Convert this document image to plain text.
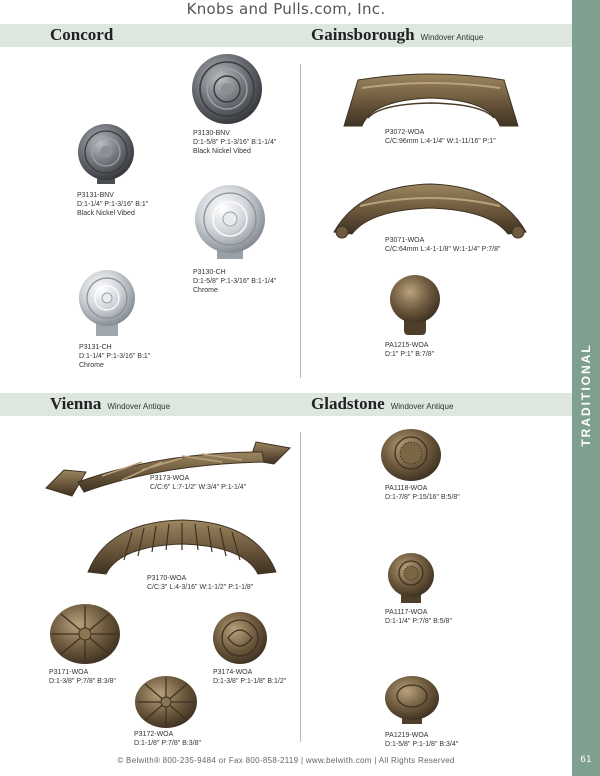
Knobs and Pulls.com, Inc.
TRADITIONAL
61
Concord	Gainsborough Windover Antique
Vienna Windover Antique	Gladstone Windover Antique
P3130-BNV
D:1-5/8" P:1-3/16" B:1-1/4"
Black Nickel Vibed
P3131-BNV
D:1-1/4" P:1-3/16" B:1"
Black Nickel Vibed
P3130-CH
D:1-5/8" P:1-3/16" B:1-1/4"
Chrome
P3131-CH
D:1-1/4" P:1-3/16" B:1"
Chrome
P3072-WOA
C/C:96mm L:4-1/4" W:1-11/16" P:1"
P3071-WOA
C/C:64mm L:4-1-1/8" W:1-1/4" P:7/8"
PA1215-WOA
D:1" P:1" B:7/8"
P3173-WOA
C/C:6" L:7-1/2" W:3/4" P:1-1/4"
P3170-WOA
C/C:3" L:4-3/16" W:1-1/2" P:1-1/8"
P3171-WOA
D:1-3/8" P:7/8" B:3/8"
P3174-WOA
D:1-3/8" P:1-1/8" B:1/2"
P3172-WOA
D:1-1/8" P:7/8" B:3/8"
PA1118-WOA
D:1-7/8" P:15/16" B:5/8"
PA1117-WOA
D:1-1/4" P:7/8" B:5/8"
PA1219-WOA
D:1-5/8" P:1-1/8" B:3/4"
© Belwith® 800-235-9484 or Fax 800-858-2119 | www.belwith.com | All Rights Reserved
